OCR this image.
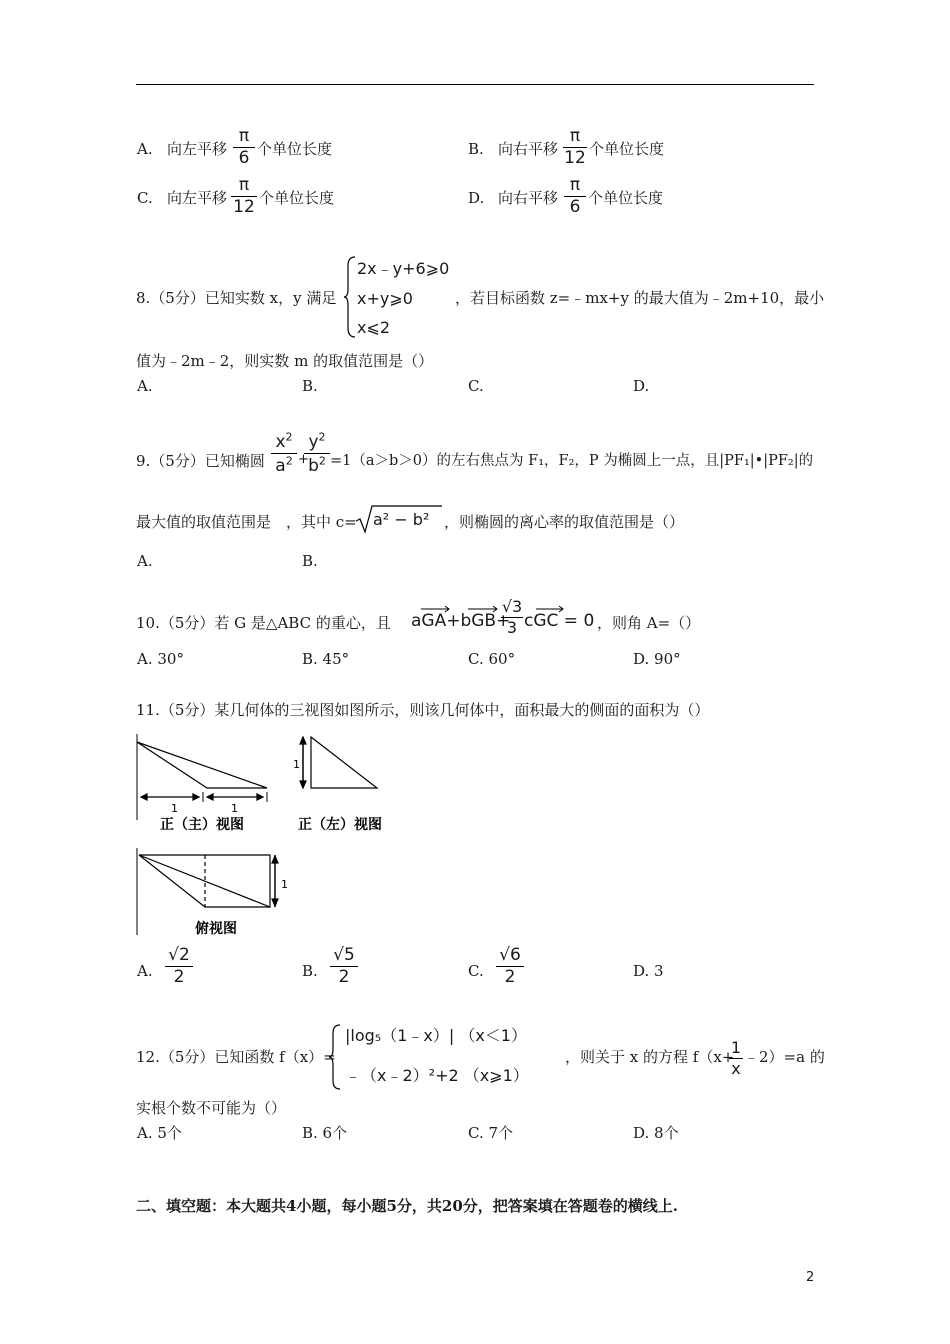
A. 向左平移
π
6 个单位长度	B. 向右平移
π
12 个单位长度
C. 向左平移
π
12 个单位长度	D. 向右平移
π
6 个单位长度
8.（5分）已知实数 x，y 满足
2x﹣y+6⩾0
x+y⩾0
x⩽2
，若目标函数 z=﹣mx+y 的最大值为﹣2m+10，最小
值为﹣2m﹣2，则实数 m 的取值范围是（）
A.	B.	C.	D.
9.（5分）已知椭圆
$x^2$
$a^2$ +
$y^2$
$b^2 =1(a>b>0)$的左右焦点为 F₁，F₂，P 为椭圆上一点，且|PF₁|•|PF₂|的
最大值的取值范围是 ，其中 c= a² − b² ，则椭圆的离心率的取值范围是（）
A.	B.
10.（5分）若 G 是△ABC 的重心，且 aGA+bGB+
√3
3 cGC = 0 ，则角 A=（）
A. 30°	B. 45°	C. 60°	D. 90°
11.（5分）某几何体的三视图如图所示，则该几何体中，面积最大的侧面的面积为（）
1	1
1
1
正（主）视图	正（左）视图
俯视图
A.
√2
2	B.
√5
2	C.
√6
2	D. 3
12.（5分）已知函数 f（x）=
|log₅（1﹣x）| （x＜1）
﹣（x﹣2）²+2 （x⩾1）
，则关于 x 的方程 f（x+
1
x
﹣2）=a 的
实根个数不可能为（）
A. 5个	B. 6个	C. 7个	D. 8个
二、填空题：本大题共4小题，每小题5分，共20分，把答案填在答题卷的横线上.
2
